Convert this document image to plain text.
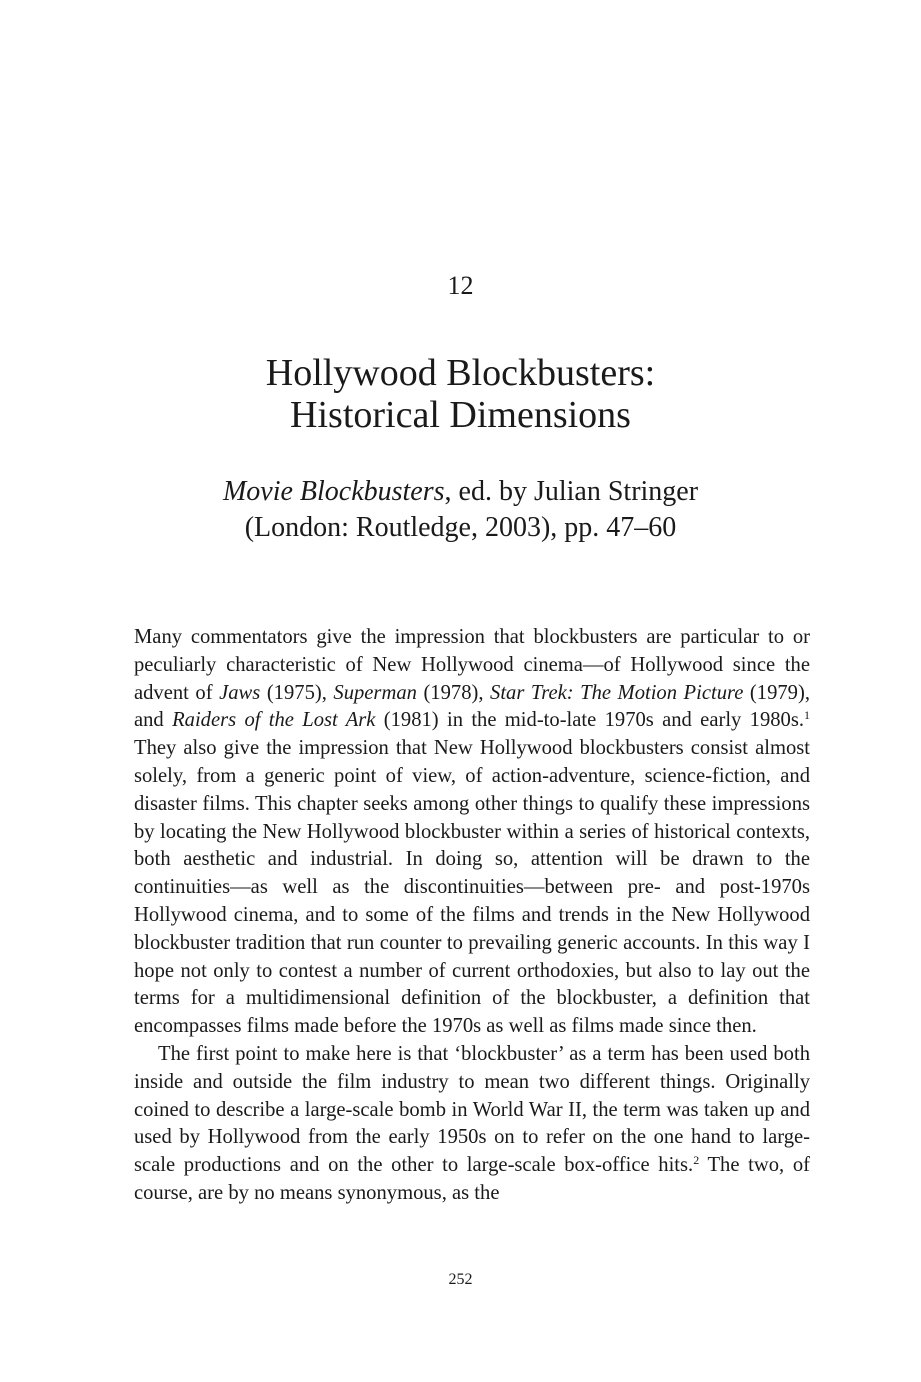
12

Hollywood Blockbusters:
Historical Dimensions

Movie Blockbusters, ed. by Julian Stringer
(London: Routledge, 2003), pp. 47–60

Many commentators give the impression that blockbusters are particular to or peculiarly characteristic of New Hollywood cinema—of Hollywood since the advent of Jaws (1975), Superman (1978), Star Trek: The Motion Picture (1979), and Raiders of the Lost Ark (1981) in the mid-to-late 1970s and early 1980s.$^1$ They also give the impression that New Hollywood blockbusters consist almost solely, from a generic point of view, of action-adventure, science-fiction, and disaster films. This chapter seeks among other things to qualify these impressions by locating the New Hollywood blockbuster within a series of historical contexts, both aesthetic and industrial. In doing so, attention will be drawn to the continuities—as well as the discontinuities—between pre- and post-1970s Hollywood cinema, and to some of the films and trends in the New Hollywood blockbuster tradition that run counter to prevailing generic accounts. In this way I hope not only to contest a number of current orthodoxies, but also to lay out the terms for a multidimensional definition of the blockbuster, a definition that encompasses films made before the 1970s as well as films made since then.

The first point to make here is that ‘blockbuster’ as a term has been used both inside and outside the film industry to mean two different things. Originally coined to describe a large-scale bomb in World War II, the term was taken up and used by Hollywood from the early 1950s on to refer on the one hand to large-scale productions and on the other to large-scale box-office hits.$^2$ The two, of course, are by no means synonymous, as the

252
